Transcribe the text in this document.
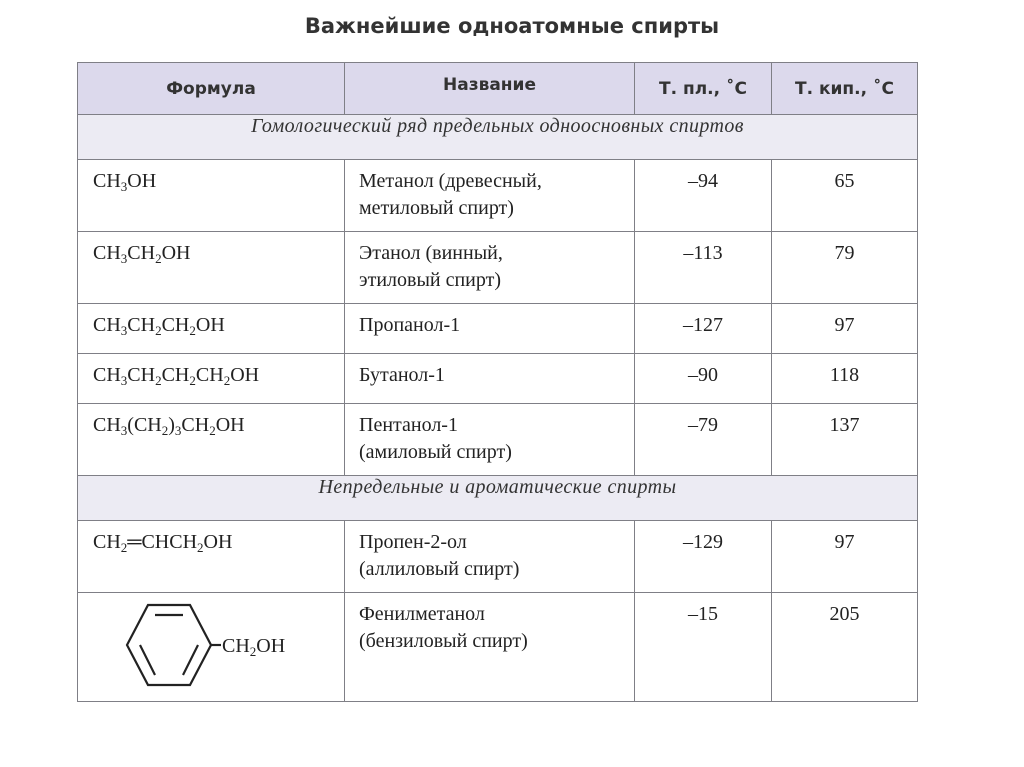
Важнейшие одноатомные спирты
Формула	Название	Т. пл., ˚С	Т. кип., ˚С
Гомологический ряд предельных одноосновных спиртов			
$CH_3OH$	Метанол (древесный,
метиловый спирт)	–94	65
$CH_3CH_2OH$	Этанол (винный,
этиловый спирт)	–113	79
$CH_3CH_2CH_2OH$	Пропанол-1	–127	97
$CH_3CH_2CH_2CH_2OH$	Бутанол-1	–90	118
$CH_3(CH_2)_3CH_2OH$	Пентанол-1
(амиловый спирт)	–79	137
Непредельные и ароматические спирты			
$CH_2═CHCH_2OH$	Пропен-2-ол
(аллиловый спирт)	–129	97

$CH_2OH$	Фенилметанол
(бензиловый спирт)	–15	205
